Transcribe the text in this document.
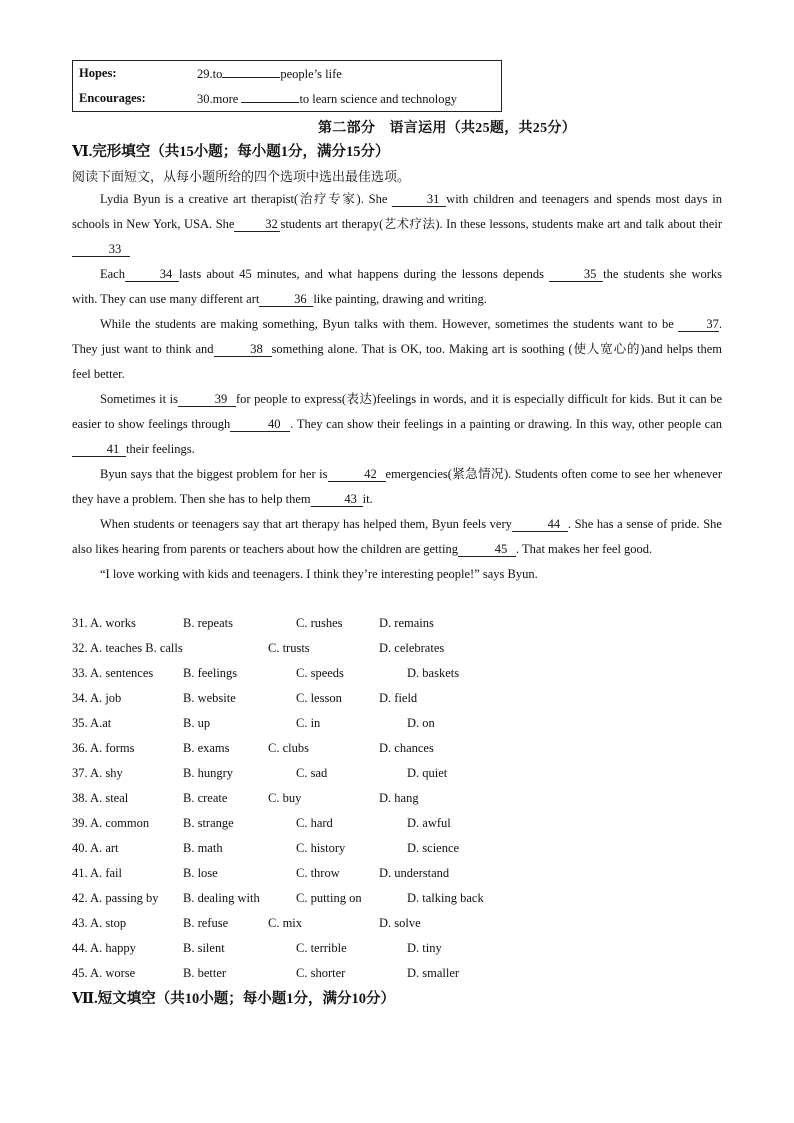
Hopes:	29.to people’s life
Encourages:	30.more to learn science and technology
第二部分　语言运用（共25题，共25分）
Ⅵ.完形填空（共15小题；每小题1分，满分15分）
阅读下面短文，从每小题所给的四个选项中选出最佳选项。

Lydia Byun is a creative art therapist(治疗专家). She	31 with children and teenagers and spends most days in schools in New York, USA. She 32 students art therapy(艺术疗法). In these lessons, students make art and talk about their 33

Each	34 lasts about 45 minutes, and what happens during the lessons depends	35 the students she works with. They can use many different art	36 like painting, drawing and writing.

While the students are making something, Byun talks with them. However, sometimes the students want to be 37. They just want to think and	38 something alone. That is OK, too. Making art is soothing (使人宽心的)and helps them feel better.

Sometimes it is	39 for people to express(表达)feelings in words, and it is especially difficult for kids. But it can be easier to show feelings through	40 . They can show their feelings in a painting or drawing. In this way, other people can 41 their feelings.

Byun says that the biggest problem for her is	42 emergencies(紧急情况). Students often come to see her whenever they have a problem. Then she has to help them	43 it.

When students or teenagers say that art therapy has helped them, Byun feels very	44 . She has a sense of pride. She also likes hearing from parents or teachers about how the children are getting	45 . That makes her feel good.

“I love working with kids and teenagers. I think they’re interesting people!” says Byun.

31. A. works	B. repeats	C. rushes	D. remains
32. A. teaches B. calls	C. trusts	D. celebrates
33. A. sentences B. feelings	C. speeds	D. baskets
34. A. job	B. website	C. lesson	D. field
35. A.at	B. up	C. in	D. on
36. A. forms	B. exams	C. clubs	D. chances
37. A. shy	B. hungry	C. sad	D. quiet
38. A. steal	B. create	C. buy	D. hang
39. A. common	B. strange	C. hard	D. awful
40. A. art	B. math	C. history	D. science
41. A. fail	B. lose	C. throw	D. understand
42. A. passing by B. dealing with	C. putting on	D. talking back
43. A. stop	B. refuse	C. mix	D. solve
44. A. happy	B. silent	C. terrible	D. tiny
45. A. worse	B. better	C. shorter	D. smaller
Ⅶ.短文填空（共10小题；每小题1分，满分10分）
